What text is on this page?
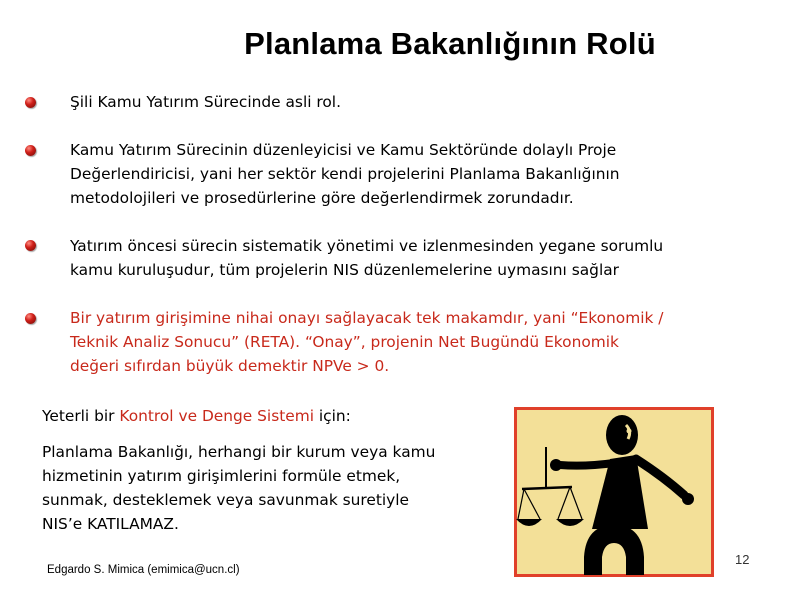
Planlama Bakanlığının Rolü
Şili Kamu Yatırım Sürecinde asli rol.
Kamu Yatırım Sürecinin düzenleyicisi ve Kamu Sektöründe dolaylı Proje
Değerlendiricisi, yani her sektör kendi projelerini Planlama Bakanlığının
metodolojileri ve prosedürlerine göre değerlendirmek zorundadır.
Yatırım öncesi sürecin sistematik yönetimi ve izlenmesinden yegane sorumlu
kamu kuruluşudur, tüm projelerin NIS düzenlemelerine uymasını sağlar
Bir yatırım girişimine nihai onayı sağlayacak tek makamdır, yani “Ekonomik /
Teknik Analiz Sonucu” (RETA). “Onay”, projenin Net Bugündü Ekonomik
değeri sıfırdan büyük demektir NPVe > 0.
Yeterli bir Kontrol ve Denge Sistemi için:
Planlama Bakanlığı, herhangi bir kurum veya kamu
hizmetinin yatırım girişimlerini formüle etmek,
sunmak, desteklemek veya savunmak suretiyle
NIS’e KATILAMAZ.
Edgardo S. Mimica (emimica@ucn.cl)
12
